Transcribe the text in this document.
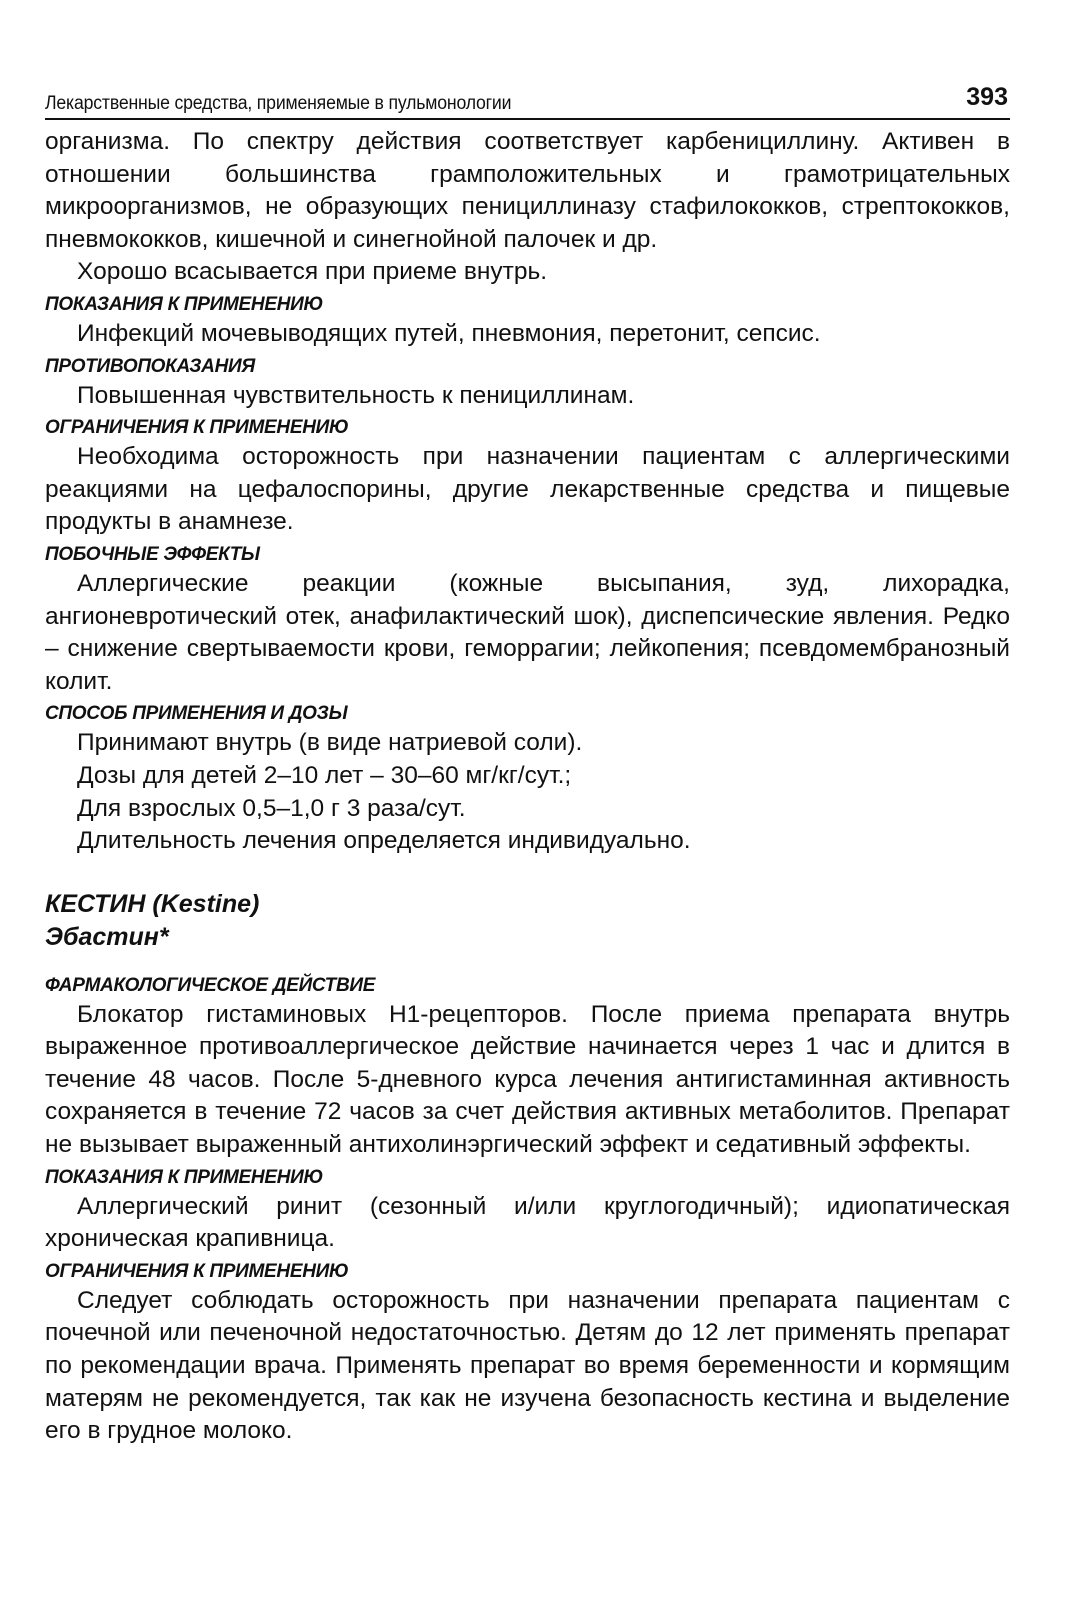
Лекарственные средства, применяемые в пульмонологии	393

организма. По спектру действия соответствует карбенициллину. Активен в отношении большинства грамположительных и грамотрицательных микроорганизмов, не образующих пенициллиназу стафилококков, стрептококков, пневмококков, кишечной и синегнойной палочек и др.

Хорошо всасывается при приеме внутрь.

ПОКАЗАНИЯ К ПРИМЕНЕНИЮ

Инфекций мочевыводящих путей, пневмония, перетонит, сепсис.

ПРОТИВОПОКАЗАНИЯ

Повышенная чувствительность к пенициллинам.

ОГРАНИЧЕНИЯ К ПРИМЕНЕНИЮ

Необходима осторожность при назначении пациентам с аллергическими реакциями на цефалоспорины, другие лекарственные средства и пищевые продукты в анамнезе.

ПОБОЧНЫЕ ЭФФЕКТЫ

Аллергические реакции (кожные высыпания, зуд, лихорадка, ангионевротический отек, анафилактический шок), диспепсические явления. Редко – снижение свертываемости крови, геморрагии; лейкопения; псевдомембранозный колит.

СПОСОБ ПРИМЕНЕНИЯ И ДОЗЫ

Принимают внутрь (в виде натриевой соли).

Дозы для детей 2–10 лет – 30–60 мг/кг/сут.;

Для взрослых 0,5–1,0 г 3 раза/сут.

Длительность лечения определяется индивидуально.

КЕСТИН (Kestine)
Эбастин*
ФАРМАКОЛОГИЧЕСКОЕ ДЕЙСТВИЕ

Блокатор гистаминовых Н1-рецепторов. После приема препарата внутрь выраженное противоаллергическое действие начинается через 1 час и длится в течение 48 часов. После 5-дневного курса лечения антигистаминная активность сохраняется в течение 72 часов за счет действия активных метаболитов. Препарат не вызывает выраженный антихолинэргический эффект и седативный эффекты.

ПОКАЗАНИЯ К ПРИМЕНЕНИЮ

Аллергический ринит (сезонный и/или круглогодичный); идиопатическая хроническая крапивница.

ОГРАНИЧЕНИЯ К ПРИМЕНЕНИЮ

Следует соблюдать осторожность при назначении препарата пациентам с почечной или печеночной недостаточностью. Детям до 12 лет применять препарат по рекомендации врача. Применять препарат во время беременности и кормящим матерям не рекомендуется, так как не изучена безопасность кестина и выделение его в грудное молоко.
